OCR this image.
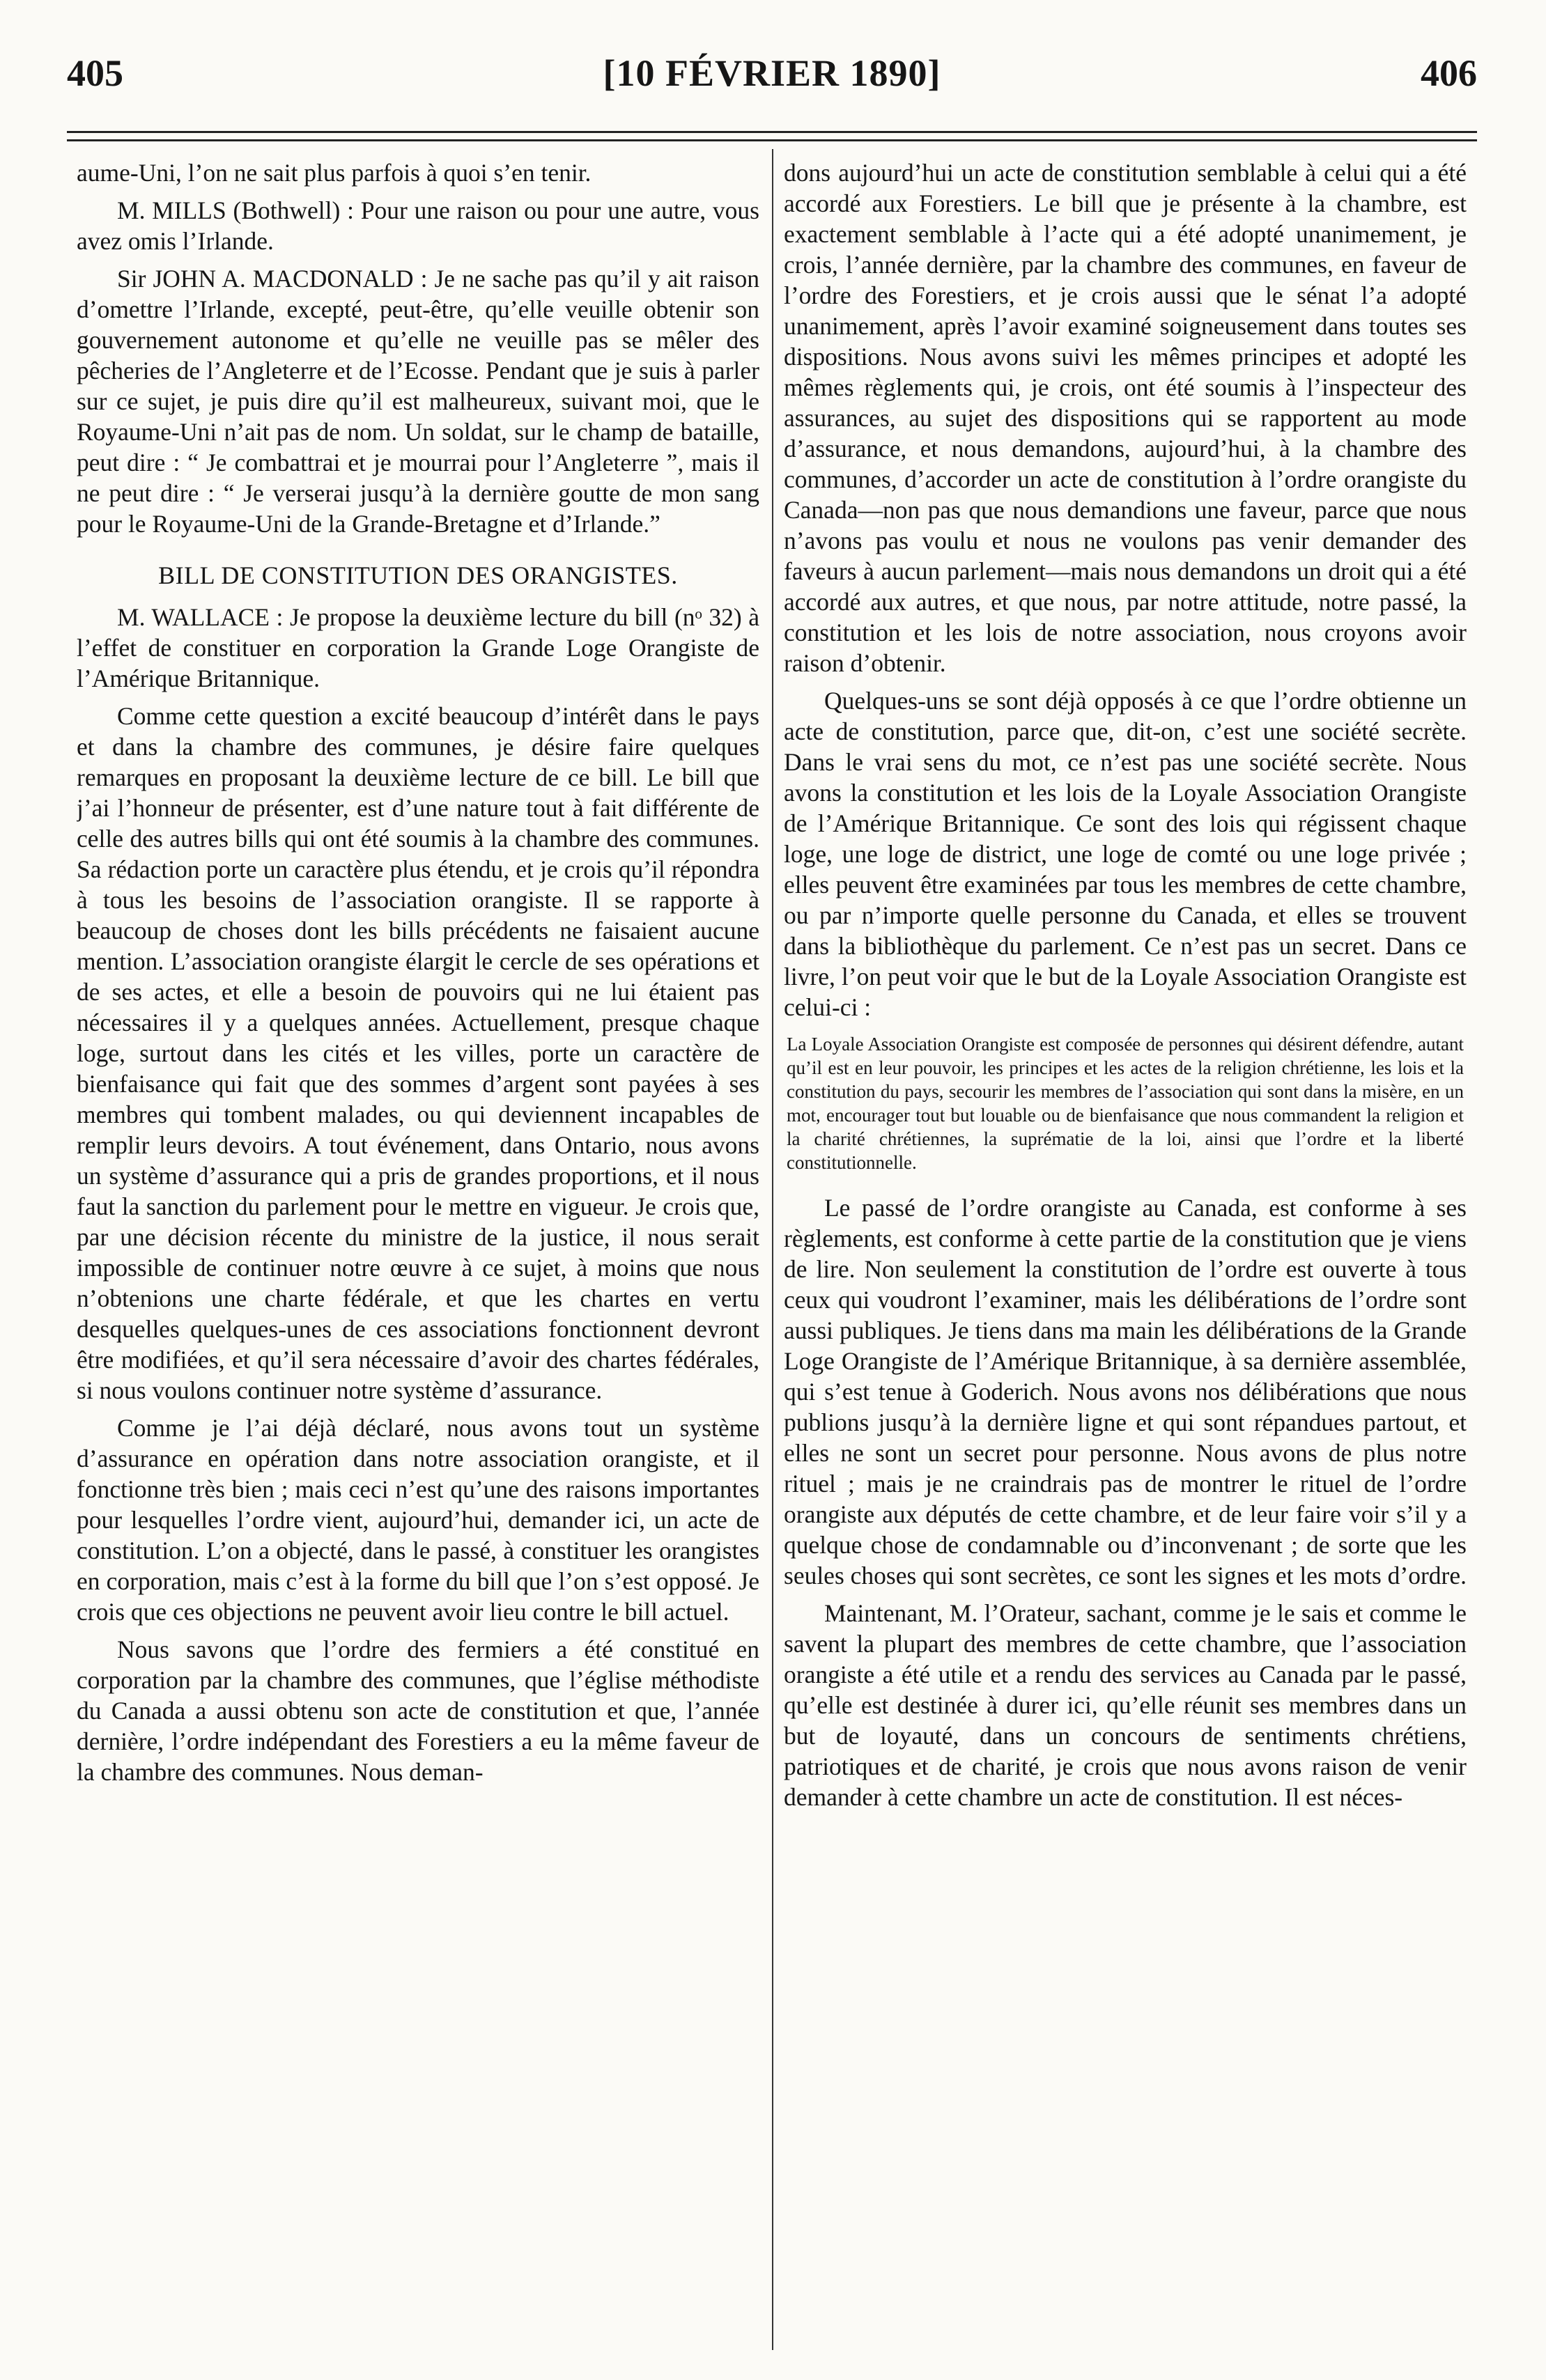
405	[10 FÉVRIER 1890]	406

aume-Uni, l’on ne sait plus parfois à quoi s’en tenir.

M. MILLS (Bothwell) : Pour une raison ou pour une autre, vous avez omis l’Irlande.

Sir JOHN A. MACDONALD : Je ne sache pas qu’il y ait raison d’omettre l’Irlande, excepté, peut-être, qu’elle veuille obtenir son gouvernement autonome et qu’elle ne veuille pas se mêler des pêcheries de l’Angleterre et de l’Ecosse. Pendant que je suis à parler sur ce sujet, je puis dire qu’il est malheureux, suivant moi, que le Royaume-Uni n’ait pas de nom. Un soldat, sur le champ de bataille, peut dire : “ Je combattrai et je mourrai pour l’Angleterre ”, mais il ne peut dire : “ Je verserai jusqu’à la dernière goutte de mon sang pour le Royaume-Uni de la Grande-Bretagne et d’Irlande.”

BILL DE CONSTITUTION DES ORANGISTES.

M. WALLACE : Je propose la deuxième lecture du bill (nᵒ 32) à l’effet de constituer en corporation la Grande Loge Orangiste de l’Amérique Britannique.

Comme cette question a excité beaucoup d’intérêt dans le pays et dans la chambre des communes, je désire faire quelques remarques en proposant la deuxième lecture de ce bill. Le bill que j’ai l’honneur de présenter, est d’une nature tout à fait différente de celle des autres bills qui ont été soumis à la chambre des communes. Sa rédaction porte un caractère plus étendu, et je crois qu’il répondra à tous les besoins de l’association orangiste. Il se rapporte à beaucoup de choses dont les bills précédents ne faisaient aucune mention. L’association orangiste élargit le cercle de ses opérations et de ses actes, et elle a besoin de pouvoirs qui ne lui étaient pas nécessaires il y a quelques années. Actuellement, presque chaque loge, surtout dans les cités et les villes, porte un caractère de bienfaisance qui fait que des sommes d’argent sont payées à ses membres qui tombent malades, ou qui deviennent incapables de remplir leurs devoirs. A tout événement, dans Ontario, nous avons un système d’assurance qui a pris de grandes proportions, et il nous faut la sanction du parlement pour le mettre en vigueur. Je crois que, par une décision récente du ministre de la justice, il nous serait impossible de continuer notre œuvre à ce sujet, à moins que nous n’obtenions une charte fédérale, et que les chartes en vertu desquelles quelques-unes de ces associations fonctionnent devront être modifiées, et qu’il sera nécessaire d’avoir des chartes fédérales, si nous voulons continuer notre système d’assurance.

Comme je l’ai déjà déclaré, nous avons tout un système d’assurance en opération dans notre association orangiste, et il fonctionne très bien ; mais ceci n’est qu’une des raisons importantes pour lesquelles l’ordre vient, aujourd’hui, demander ici, un acte de constitution. L’on a objecté, dans le passé, à constituer les orangistes en corporation, mais c’est à la forme du bill que l’on s’est opposé. Je crois que ces objections ne peuvent avoir lieu contre le bill actuel.

Nous savons que l’ordre des fermiers a été constitué en corporation par la chambre des communes, que l’église méthodiste du Canada a aussi obtenu son acte de constitution et que, l’année dernière, l’ordre indépendant des Forestiers a eu la même faveur de la chambre des communes. Nous deman-

dons aujourd’hui un acte de constitution semblable à celui qui a été accordé aux Forestiers. Le bill que je présente à la chambre, est exactement semblable à l’acte qui a été adopté unanimement, je crois, l’année dernière, par la chambre des communes, en faveur de l’ordre des Forestiers, et je crois aussi que le sénat l’a adopté unanimement, après l’avoir examiné soigneusement dans toutes ses dispositions. Nous avons suivi les mêmes principes et adopté les mêmes règlements qui, je crois, ont été soumis à l’inspecteur des assurances, au sujet des dispositions qui se rapportent au mode d’assurance, et nous demandons, aujourd’hui, à la chambre des communes, d’accorder un acte de constitution à l’ordre orangiste du Canada—non pas que nous demandions une faveur, parce que nous n’avons pas voulu et nous ne voulons pas venir demander des faveurs à aucun parlement—mais nous demandons un droit qui a été accordé aux autres, et que nous, par notre attitude, notre passé, la constitution et les lois de notre association, nous croyons avoir raison d’obtenir.

Quelques-uns se sont déjà opposés à ce que l’ordre obtienne un acte de constitution, parce que, dit-on, c’est une société secrète. Dans le vrai sens du mot, ce n’est pas une société secrète. Nous avons la constitution et les lois de la Loyale Association Orangiste de l’Amérique Britannique. Ce sont des lois qui régissent chaque loge, une loge de district, une loge de comté ou une loge privée ; elles peuvent être examinées par tous les membres de cette chambre, ou par n’importe quelle personne du Canada, et elles se trouvent dans la bibliothèque du parlement. Ce n’est pas un secret. Dans ce livre, l’on peut voir que le but de la Loyale Association Orangiste est celui-ci :

La Loyale Association Orangiste est composée de personnes qui désirent défendre, autant qu’il est en leur pouvoir, les principes et les actes de la religion chrétienne, les lois et la constitution du pays, secourir les membres de l’association qui sont dans la misère, en un mot, encourager tout but louable ou de bienfaisance que nous commandent la religion et la charité chrétiennes, la suprématie de la loi, ainsi que l’ordre et la liberté constitutionnelle.

Le passé de l’ordre orangiste au Canada, est conforme à ses règlements, est conforme à cette partie de la constitution que je viens de lire. Non seulement la constitution de l’ordre est ouverte à tous ceux qui voudront l’examiner, mais les délibérations de l’ordre sont aussi publiques. Je tiens dans ma main les délibérations de la Grande Loge Orangiste de l’Amérique Britannique, à sa dernière assemblée, qui s’est tenue à Goderich. Nous avons nos délibérations que nous publions jusqu’à la dernière ligne et qui sont répandues partout, et elles ne sont un secret pour personne. Nous avons de plus notre rituel ; mais je ne craindrais pas de montrer le rituel de l’ordre orangiste aux députés de cette chambre, et de leur faire voir s’il y a quelque chose de condamnable ou d’inconvenant ; de sorte que les seules choses qui sont secrètes, ce sont les signes et les mots d’ordre.

Maintenant, M. l’Orateur, sachant, comme je le sais et comme le savent la plupart des membres de cette chambre, que l’association orangiste a été utile et a rendu des services au Canada par le passé, qu’elle est destinée à durer ici, qu’elle réunit ses membres dans un but de loyauté, dans un concours de sentiments chrétiens, patriotiques et de charité, je crois que nous avons raison de venir demander à cette chambre un acte de constitution. Il est néces-
